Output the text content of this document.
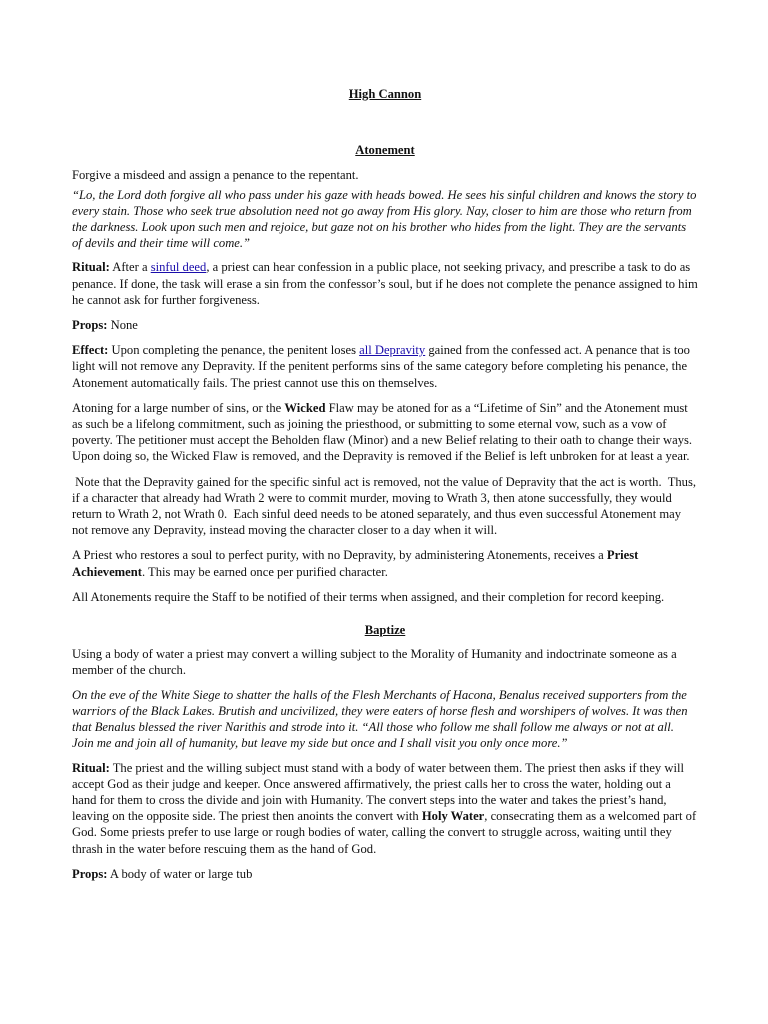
High Cannon

Atonement

Forgive a misdeed and assign a penance to the repentant.

“Lo, the Lord doth forgive all who pass under his gaze with heads bowed. He sees his sinful children and knows the story to every stain. Those who seek true absolution need not go away from His glory. Nay, closer to him are those who return from the darkness. Look upon such men and rejoice, but gaze not on his brother who hides from the light. They are the servants of devils and their time will come.”

Ritual: After a sinful deed, a priest can hear confession in a public place, not seeking privacy, and prescribe a task to do as penance. If done, the task will erase a sin from the confessor’s soul, but if he does not complete the penance assigned to him he cannot ask for further forgiveness.

Props: None

Effect: Upon completing the penance, the penitent loses all Depravity gained from the confessed act. A penance that is too light will not remove any Depravity. If the penitent performs sins of the same category before completing his penance, the Atonement automatically fails. The priest cannot use this on themselves.

Atoning for a large number of sins, or the Wicked Flaw may be atoned for as a “Lifetime of Sin” and the Atonement must as such be a lifelong commitment, such as joining the priesthood, or submitting to some eternal vow, such as a vow of poverty. The petitioner must accept the Beholden flaw (Minor) and a new Belief relating to their oath to change their ways. Upon doing so, the Wicked Flaw is removed, and the Depravity is removed if the Belief is left unbroken for at least a year.

Note that the Depravity gained for the specific sinful act is removed, not the value of Depravity that the act is worth.  Thus, if a character that already had Wrath 2 were to commit murder, moving to Wrath 3, then atone successfully, they would return to Wrath 2, not Wrath 0.  Each sinful deed needs to be atoned separately, and thus even successful Atonement may not remove any Depravity, instead moving the character closer to a day when it will.

A Priest who restores a soul to perfect purity, with no Depravity, by administering Atonements, receives a Priest Achievement. This may be earned once per purified character.

All Atonements require the Staff to be notified of their terms when assigned, and their completion for record keeping.

Baptize

Using a body of water a priest may convert a willing subject to the Morality of Humanity and indoctrinate someone as a member of the church.

On the eve of the White Siege to shatter the halls of the Flesh Merchants of Hacona, Benalus received supporters from the warriors of the Black Lakes. Brutish and uncivilized, they were eaters of horse flesh and worshipers of wolves. It was then that Benalus blessed the river Narithis and strode into it. “All those who follow me shall follow me always or not at all. Join me and join all of humanity, but leave my side but once and I shall visit you only once more.”

Ritual: The priest and the willing subject must stand with a body of water between them. The priest then asks if they will accept God as their judge and keeper. Once answered affirmatively, the priest calls her to cross the water, holding out a hand for them to cross the divide and join with Humanity. The convert steps into the water and takes the priest’s hand, leaving on the opposite side. The priest then anoints the convert with Holy Water, consecrating them as a welcomed part of God. Some priests prefer to use large or rough bodies of water, calling the convert to struggle across, waiting until they thrash in the water before rescuing them as the hand of God.

Props: A body of water or large tub
